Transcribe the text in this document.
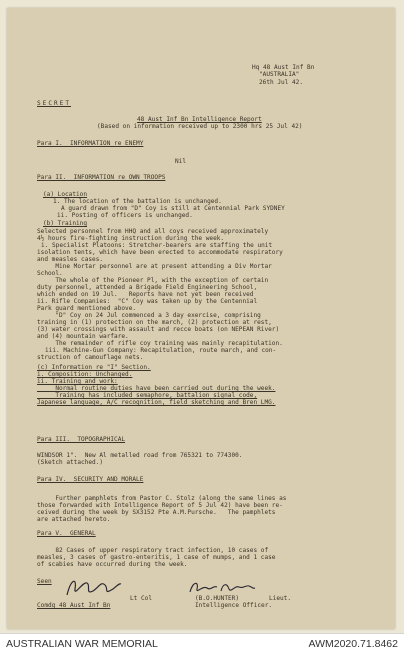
Hq 48 Aust Inf Bn
"AUSTRALIA"
26th Jul 42.
SECRET
48 Aust Inf Bn Intelligence Report
(Based on information received up to 2300 hrs 25 Jul 42)
Para I.  INFORMATION re ENEMY
Nil
Para II.  INFORMATION re OWN TROOPS
(a) Location
1. The location of the battalion is unchanged.
A guard drawn from "D" Coy is still at Centennial Park SYDNEY
ii. Posting of officers is unchanged.
(b) Training
Selected personnel from HHQ and all coys received approximately
4½ hours fire-fighting instruction during the week.
i. Specialist Platoons: Stretcher-bearers are staffing the unit
isolation tents, which have been erected to accommodate respiratory
and measles cases.
Mine Mortar personnel are at present attending a Div Mortar
School.
The whole of the Pioneer Pl, with the exception of certain
duty personnel, attended a Brigade Field Engineering School,
which ended on 19 Jul.   Reports have not yet been received
ii. Rifle Companies:  "C" Coy was taken up by the Centennial
Park guard mentioned above.
"D" Coy on 24 Jul commenced a 3 day exercise, comprising
training in (1) protection on the march, (2) protection at rest,
(3) water crossings with assault and recce boats (on NEPEAN River)
and (4) mountain warfare.
The remainder of rifle coy training was mainly recapitulation.
iii. Machine-Gun Company: Recapitulation, route march, and con-
struction of camouflage nets.
(c) Information re "I" Section.
i. Composition: Unchanged.
ii. Training and work:
Normal routine duties have been carried out during the week.
Training has included semaphore, battalion signal code,
Japanese language, A/C recognition, field sketching and Bren LMG.
Para III.  TOPOGRAPHICAL
WINDSOR 1".  New Al metalled road from 765321 to 774300.
(Sketch attached.)
Para IV.  SECURITY AND MORALE
Further pamphlets from Pastor C. Stolz (along the same lines as
those forwarded with Intelligence Report of 5 Jul 42) have been re-
ceived during the week by SX3152 Pte A.M.Pursche.   The pamphlets
are attached hereto.
Para V.  GENERAL
82 Cases of upper respiratory tract infection, 10 cases of
measles, 3 cases of gastro-enteritis, 1 case of mumps, and 1 case
of scabies have occurred during the week.
Seen
Lt Col
Comdg 48 Aust Inf Bn
(B.O.HUNTER)	Lieut.
Intelligence Officer.
AUSTRALIAN WAR MEMORIAL	AWM2020.71.8462
